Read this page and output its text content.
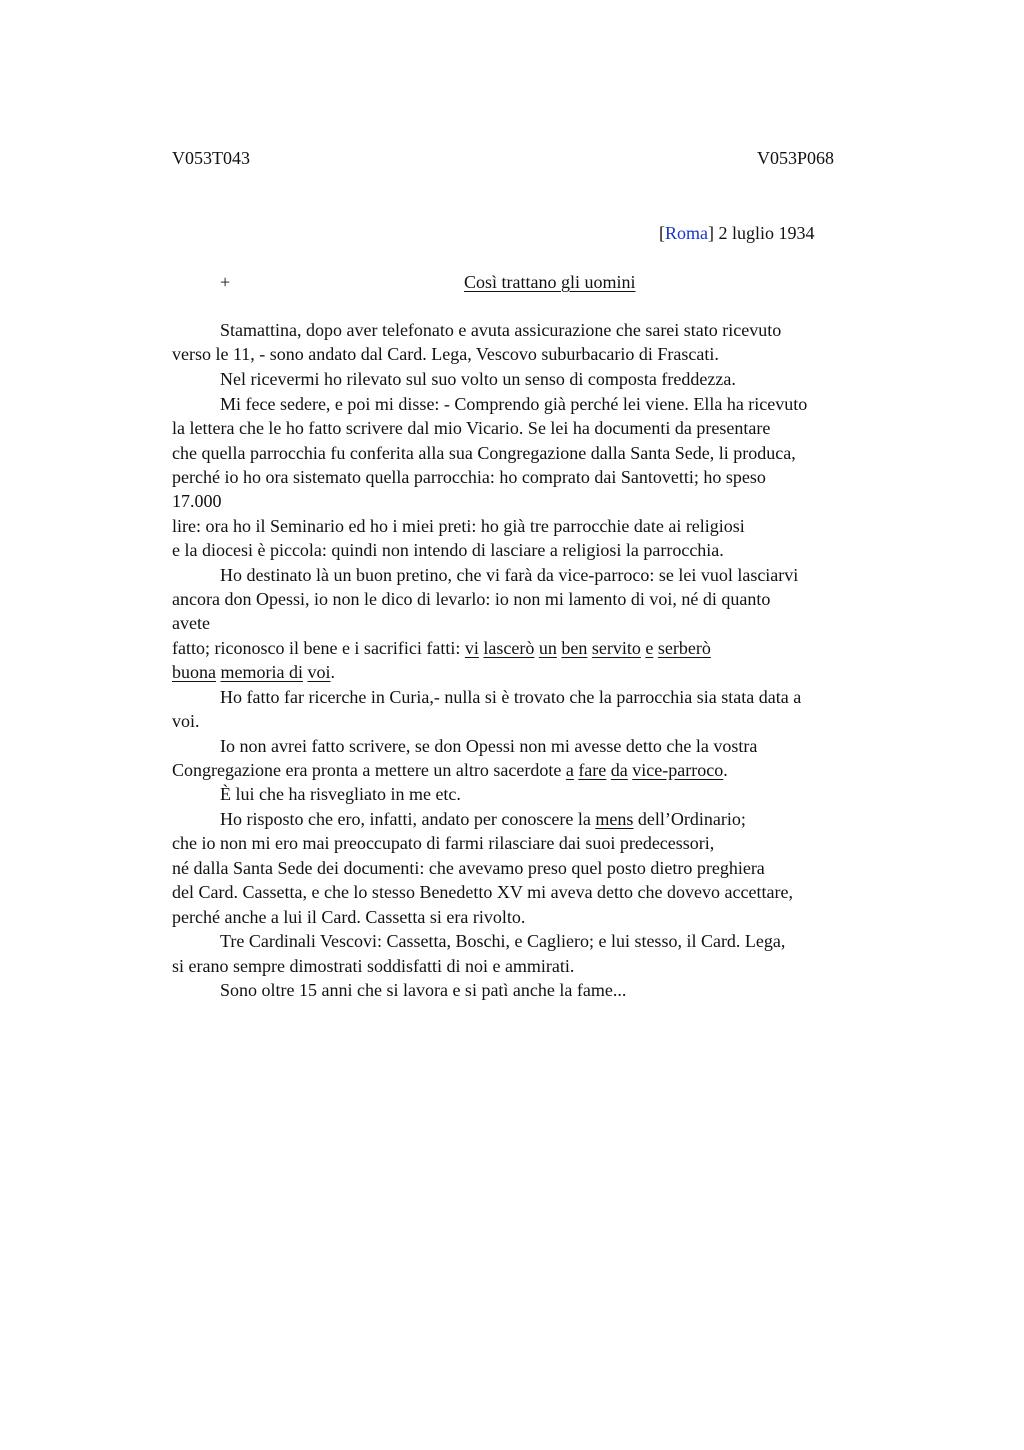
V053T043	V053P068
[Roma] 2 luglio 1934
+	Così trattano gli uomini
Stamattina, dopo aver telefonato e avuta assicurazione che sarei stato ricevuto
verso le 11, - sono andato dal Card. Lega, Vescovo suburbacario di Frascati.
Nel ricevermi ho rilevato sul suo volto un senso di composta freddezza.
Mi fece sedere, e poi mi disse: - Comprendo già perché lei viene. Ella ha ricevuto
la lettera che le ho fatto scrivere dal mio Vicario. Se lei ha documenti da presentare
che quella parrocchia fu conferita alla sua Congregazione dalla Santa Sede, li produca,
perché io ho ora sistemato quella parrocchia: ho comprato dai Santovetti; ho speso
17.000
lire: ora ho il Seminario ed ho i miei preti: ho già tre parrocchie date ai religiosi
e la diocesi è piccola: quindi non intendo di lasciare a religiosi la parrocchia.
Ho destinato là un buon pretino, che vi farà da vice-parroco: se lei vuol lasciarvi
ancora don Opessi, io non le dico di levarlo: io non mi lamento di voi, né di quanto
avete
fatto; riconosco il bene e i sacrifici fatti: vi lascerò un ben servito e serberò
buona memoria di voi.
Ho fatto far ricerche in Curia,- nulla si è trovato che la parrocchia sia stata data a
voi.
Io non avrei fatto scrivere, se don Opessi non mi avesse detto che la vostra
Congregazione era pronta a mettere un altro sacerdote a fare da vice-parroco.
È lui che ha risvegliato in me etc.
Ho risposto che ero, infatti, andato per conoscere la mens dell’Ordinario;
che io non mi ero mai preoccupato di farmi rilasciare dai suoi predecessori,
né dalla Santa Sede dei documenti: che avevamo preso quel posto dietro preghiera
del Card. Cassetta, e che lo stesso Benedetto XV mi aveva detto che dovevo accettare,
perché anche a lui il Card. Cassetta si era rivolto.
Tre Cardinali Vescovi: Cassetta, Boschi, e Cagliero; e lui stesso, il Card. Lega,
si erano sempre dimostrati soddisfatti di noi e ammirati.
Sono oltre 15 anni che si lavora e si patì anche la fame...
